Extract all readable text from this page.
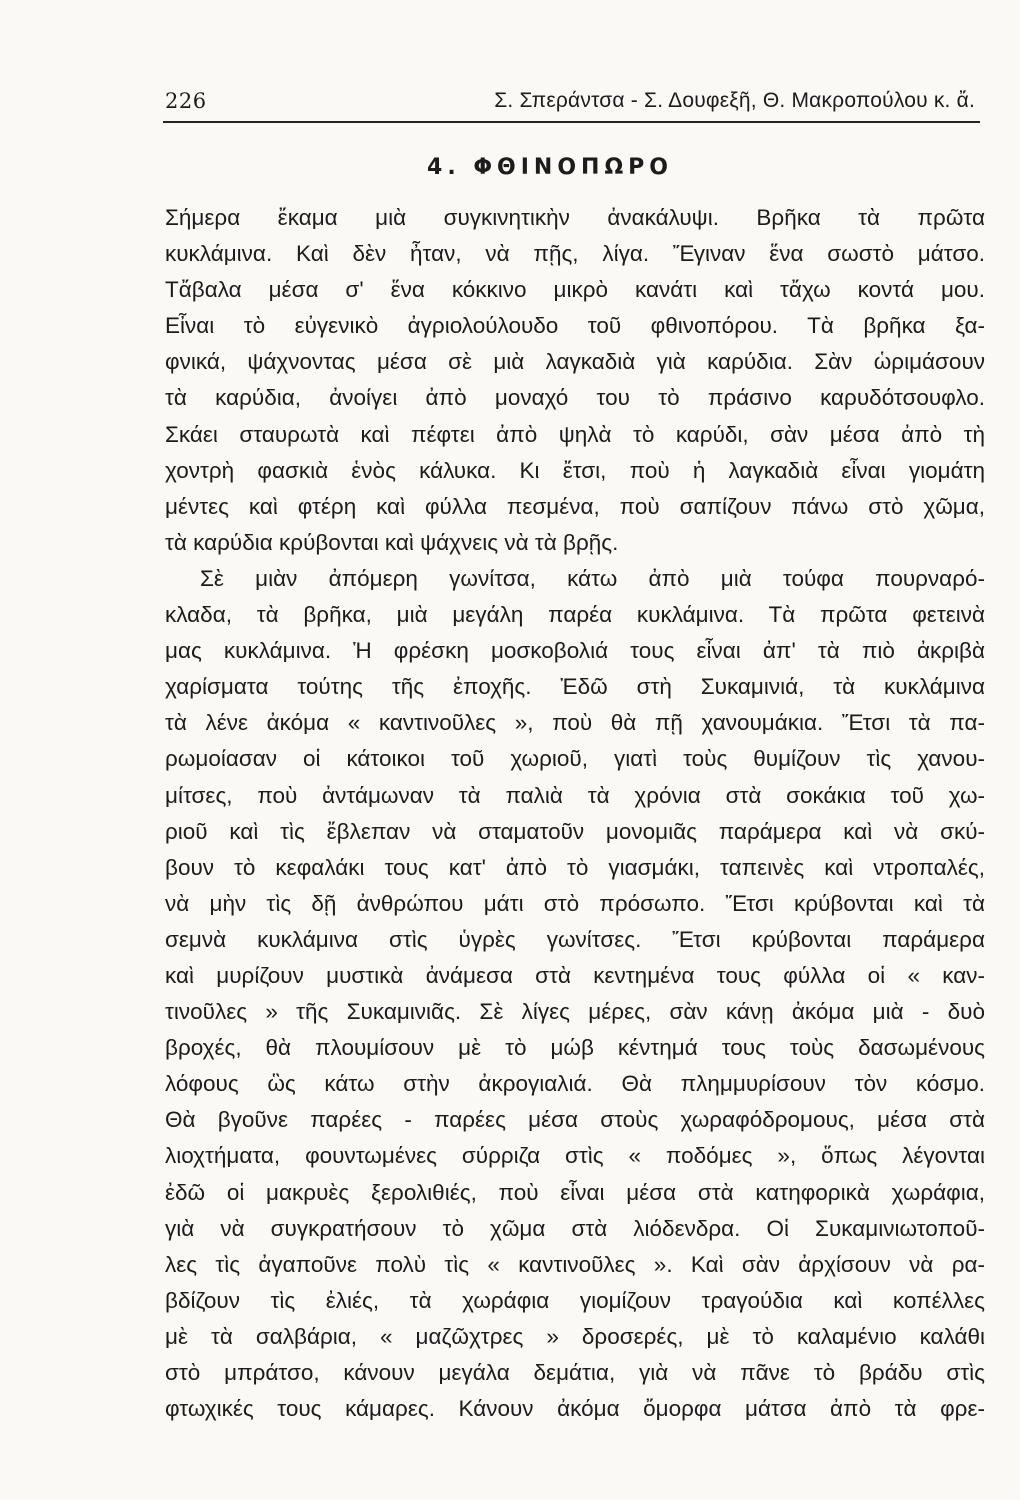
226	Σ. Σπεράντσα - Σ. Δουφεξῆ, Θ. Μακροπούλου κ. ἄ.
4. ΦΘΙΝΟΠΩΡΟ
Σήμερα ἔκαμα μιὰ συγκινητικὴν ἀνακάλυψι. Βρῆκα τὰ πρῶτα
κυκλάμινα. Καὶ δὲν ἦταν, νὰ πῇς, λίγα. Ἔγιναν ἕνα σωστὸ μάτσο.
Τἄβαλα μέσα σ' ἕνα κόκκινο μικρὸ κανάτι καὶ τἄχω κοντά μου.
Εἶναι τὸ εὐγενικὸ ἀγριολούλουδο τοῦ φθινοπόρου. Τὰ βρῆκα ξα-
φνικά, ψάχνοντας μέσα σὲ μιὰ λαγκαδιὰ γιὰ καρύδια. Σὰν ὡριμάσουν
τὰ καρύδια, ἀνοίγει ἀπὸ μοναχό του τὸ πράσινο καρυδότσουφλο.
Σκάει σταυρωτὰ καὶ πέφτει ἀπὸ ψηλὰ τὸ καρύδι, σὰν μέσα ἀπὸ τὴ
χοντρὴ φασκιὰ ἑνὸς κάλυκα. Κι ἔτσι, ποὺ ἡ λαγκαδιὰ εἶναι γιομάτη
μέντες καὶ φτέρη καὶ φύλλα πεσμένα, ποὺ σαπίζουν πάνω στὸ χῶμα,
τὰ καρύδια κρύβονται καὶ ψάχνεις νὰ τὰ βρῇς.
Σὲ μιὰν ἀπόμερη γωνίτσα, κάτω ἀπὸ μιὰ τούφα πουρναρό-
κλαδα, τὰ βρῆκα, μιὰ μεγάλη παρέα κυκλάμινα. Τὰ πρῶτα φετεινὰ
μας κυκλάμινα. Ἡ φρέσκη μοσκοβολιά τους εἶναι ἀπ' τὰ πιὸ ἀκριβὰ
χαρίσματα τούτης τῆς ἐποχῆς. Ἐδῶ στὴ Συκαμινιά, τὰ κυκλάμινα
τὰ λένε ἀκόμα « καντινοῦλες », ποὺ θὰ πῇ χανουμάκια. Ἔτσι τὰ πα-
ρωμοίασαν οἱ κάτοικοι τοῦ χωριοῦ, γιατὶ τοὺς θυμίζουν τὶς χανου-
μίτσες, ποὺ ἀντάμωναν τὰ παλιὰ τὰ χρόνια στὰ σοκάκια τοῦ χω-
ριοῦ καὶ τὶς ἔβλεπαν νὰ σταματοῦν μονομιᾶς παράμερα καὶ νὰ σκύ-
βουν τὸ κεφαλάκι τους κατ' ἀπὸ τὸ γιασμάκι, ταπεινὲς καὶ ντροπαλές,
νὰ μὴν τὶς δῇ ἀνθρώπου μάτι στὸ πρόσωπο. Ἔτσι κρύβονται καὶ τὰ
σεμνὰ κυκλάμινα στὶς ὑγρὲς γωνίτσες. Ἔτσι κρύβονται παράμερα
καὶ μυρίζουν μυστικὰ ἀνάμεσα στὰ κεντημένα τους φύλλα οἱ « καν-
τινοῦλες » τῆς Συκαμινιᾶς. Σὲ λίγες μέρες, σὰν κάνῃ ἀκόμα μιὰ - δυὸ
βροχές, θὰ πλουμίσουν μὲ τὸ μώβ κέντημά τους τοὺς δασωμένους
λόφους ὣς κάτω στὴν ἀκρογιαλιά. Θὰ πλημμυρίσουν τὸν κόσμο.
Θὰ βγοῦνε παρέες - παρέες μέσα στοὺς χωραφόδρομους, μέσα στὰ
λιοχτήματα, φουντωμένες σύρριζα στὶς « ποδόμες », ὅπως λέγονται
ἐδῶ οἱ μακρυὲς ξερολιθιές, ποὺ εἶναι μέσα στὰ κατηφορικὰ χωράφια,
γιὰ νὰ συγκρατήσουν τὸ χῶμα στὰ λιόδενδρα. Οἱ Συκαμινιωτοποῦ-
λες τὶς ἀγαποῦνε πολὺ τὶς « καντινοῦλες ». Καὶ σὰν ἀρχίσουν νὰ ρα-
βδίζουν τὶς ἐλιές, τὰ χωράφια γιομίζουν τραγούδια καὶ κοπέλλες
μὲ τὰ σαλβάρια, « μαζῶχτρες » δροσερές, μὲ τὸ καλαμένιο καλάθι
στὸ μπράτσο, κάνουν μεγάλα δεμάτια, γιὰ νὰ πᾶνε τὸ βράδυ στὶς
φτωχικές τους κάμαρες. Κάνουν ἀκόμα ὄμορφα μάτσα ἀπὸ τὰ φρε-
